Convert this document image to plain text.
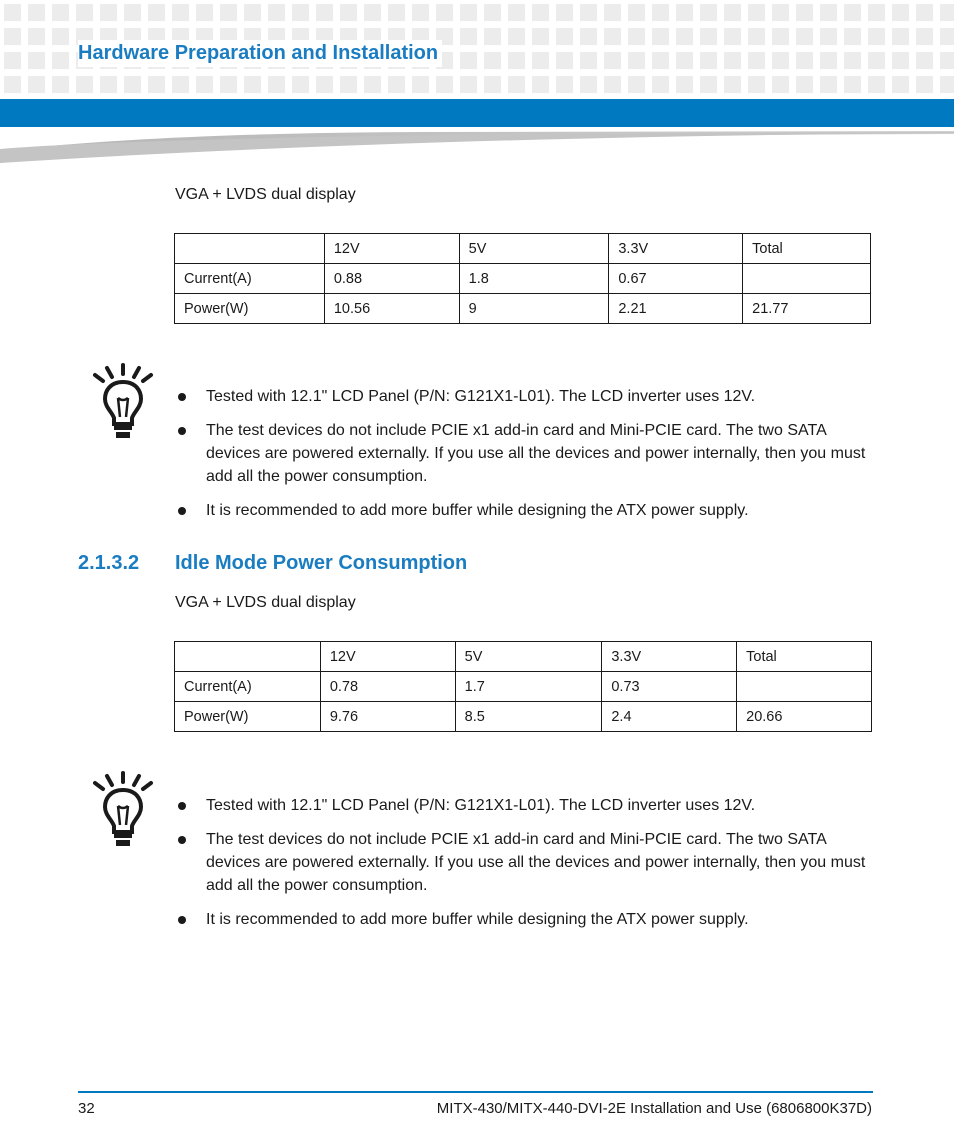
Hardware Preparation and Installation
VGA + LVDS dual display
	12V	5V	3.3V	Total
Current(A)	0.88	1.8	0.67	
Power(W)	10.56	9	2.21	21.77
Tested with 12.1" LCD Panel (P/N: G121X1-L01). The LCD inverter uses 12V.
The test devices do not include PCIE x1 add-in card and Mini-PCIE card. The two SATA devices are powered externally. If you use all the devices and power internally, then you must add all the power consumption.
It is recommended to add more buffer while designing the ATX power supply.
2.1.3.2 Idle Mode Power Consumption
VGA + LVDS dual display
	12V	5V	3.3V	Total
Current(A)	0.78	1.7	0.73	
Power(W)	9.76	8.5	2.4	20.66
Tested with 12.1" LCD Panel (P/N: G121X1-L01). The LCD inverter uses 12V.
The test devices do not include PCIE x1 add-in card and Mini-PCIE card. The two SATA devices are powered externally. If you use all the devices and power internally, then you must add all the power consumption.
It is recommended to add more buffer while designing the ATX power supply.
32	MITX-430/MITX-440-DVI-2E Installation and Use (6806800K37D)
